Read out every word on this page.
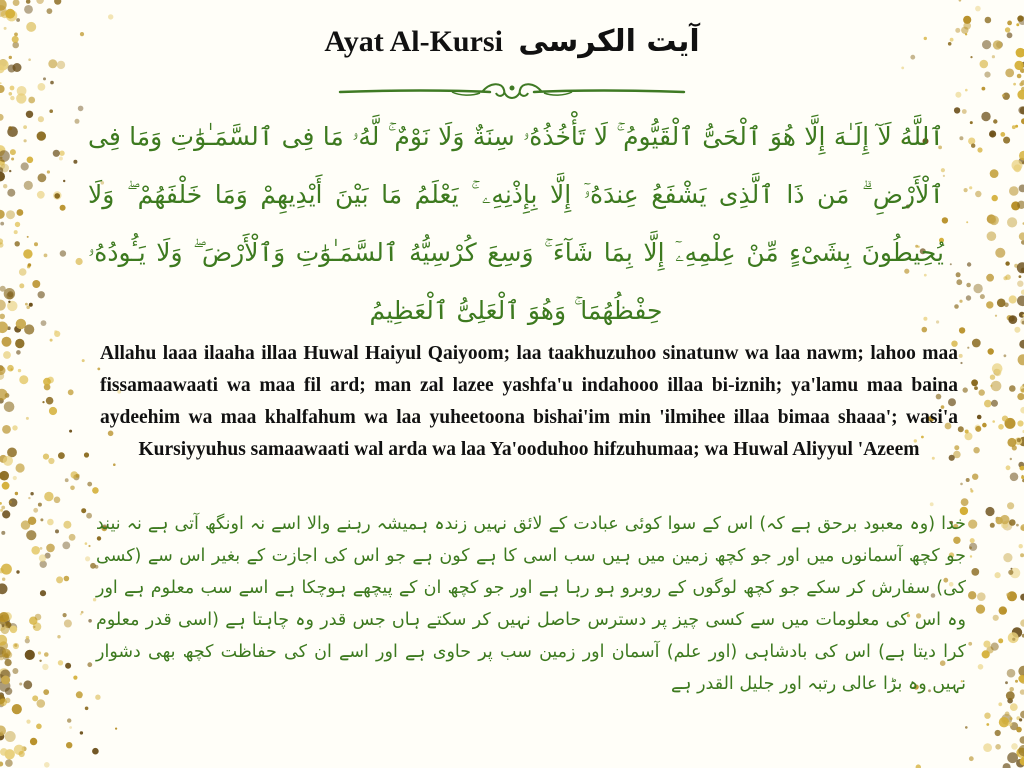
Ayat Al-Kursi آیت الکرسی
ٱللَّهُ لَآ إِلَـٰهَ إِلَّا هُوَ ٱلْحَىُّ ٱلْقَيُّومُ ۚ لَا تَأْخُذُهُۥ سِنَةٌ وَلَا نَوْمٌ ۚ لَّهُۥ مَا فِى ٱلسَّمَـٰوَٰتِ وَمَا فِى ٱلْأَرْضِ ۗ مَن ذَا ٱلَّذِى يَشْفَعُ عِندَهُۥٓ إِلَّا بِإِذْنِهِۦ ۚ يَعْلَمُ مَا بَيْنَ أَيْدِيهِمْ وَمَا خَلْفَهُمْ ۖ وَلَا يُحِيطُونَ بِشَىْءٍ مِّنْ عِلْمِهِۦٓ إِلَّا بِمَا شَآءَ ۚ وَسِعَ كُرْسِيُّهُ ٱلسَّمَـٰوَٰتِ وَٱلْأَرْضَ ۖ وَلَا يَـُٔودُهُۥ حِفْظُهُمَا ۚ وَهُوَ ٱلْعَلِىُّ ٱلْعَظِيمُ
Allahu laaa ilaaha illaa Huwal Haiyul Qaiyoom; laa taakhuzuhoo sinatunw wa laa nawm; lahoo maa fissamaawaati wa maa fil ard; man zal lazee yashfa'u indahooo illaa bi-iznih; ya'lamu maa baina aydeehim wa maa khalfahum wa laa yuheetoona bishai'im min 'ilmihee illaa bimaa shaaa'; wasi'a Kursiyyuhus samaawaati wal arda wa laa Ya'ooduhoo hifzuhumaa; wa Huwal Aliyyul 'Azeem
خدا (وہ معبود برحق ہے کہ) اس کے سوا کوئی عبادت کے لائق نہیں زندہ ہمیشہ رہنے والا اسے نہ اونگھ آتی ہے نہ نیند جو کچھ آسمانوں میں اور جو کچھ زمین میں ہیں سب اسی کا ہے کون ہے جو اس کی اجازت کے بغیر اس سے (کسی کی) سفارش کر سکے جو کچھ لوگوں کے روبرو ہو رہا ہے اور جو کچھ ان کے پیچھے ہوچکا ہے اسے سب معلوم ہے اور وہ اس کی معلومات میں سے کسی چیز پر دسترس حاصل نہیں کر سکتے ہاں جس قدر وہ چاہتا ہے (اسی قدر معلوم کرا دیتا ہے) اس کی بادشاہی (اور علم) آسمان اور زمین سب پر حاوی ہے اور اسے ان کی حفاظت کچھ بھی دشوار نہیں وہ بڑا عالی رتبہ اور جلیل القدر ہے
